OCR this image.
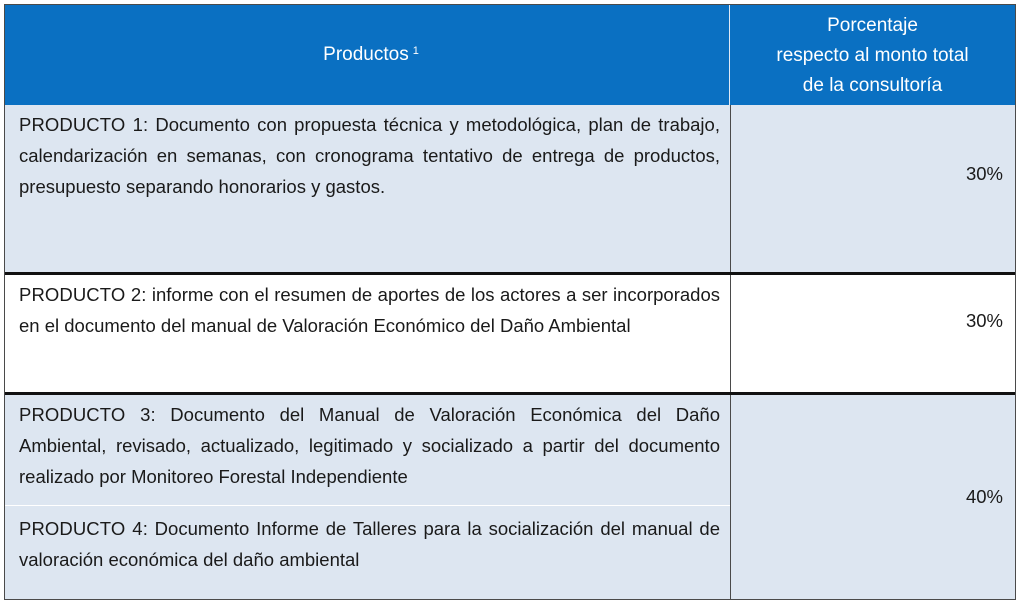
Productos $^1$
Porcentaje
respecto al monto total
de la consultoría
PRODUCTO 1: Documento con propuesta técnica y metodológica, plan de trabajo, calendarización en semanas, con cronograma tentativo de entrega de productos, presupuesto separando honorarios y gastos.
30%
PRODUCTO 2: informe con el resumen de aportes de los actores a ser incorporados en el documento del manual de Valoración Económico del Daño Ambiental	30%
PRODUCTO 3: Documento del Manual de Valoración Económica del Daño Ambiental, revisado, actualizado, legitimado y socializado a partir del documento realizado por Monitoreo Forestal Independiente
PRODUCTO 4: Documento Informe de Talleres para la socialización del manual de valoración económica del daño ambiental
40%
